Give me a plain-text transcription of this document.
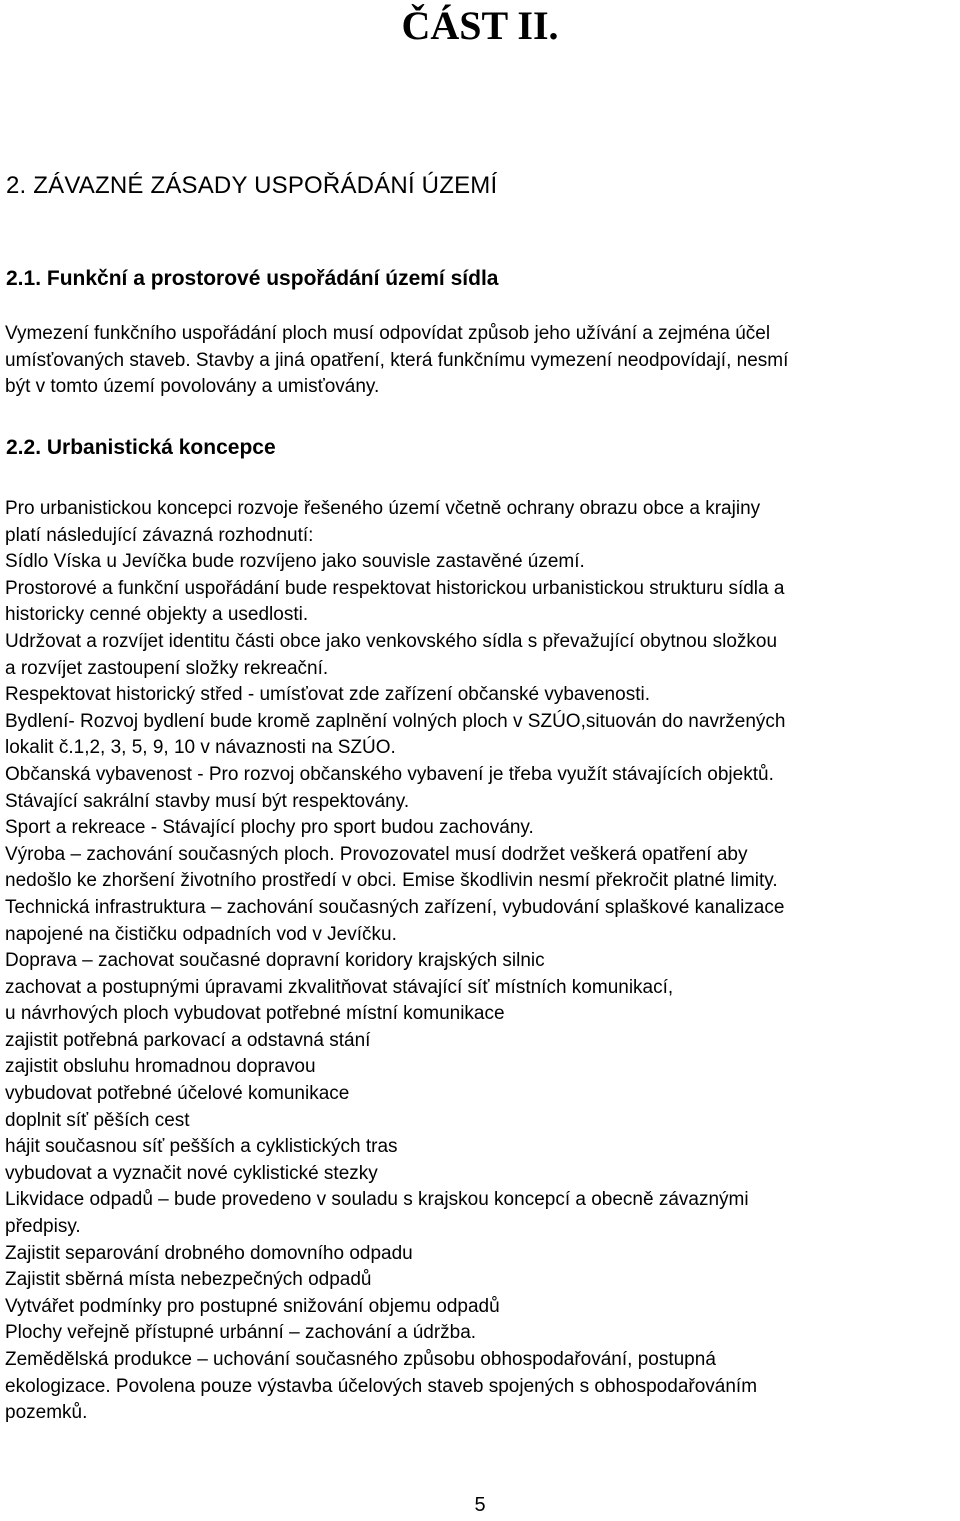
ČÁST II.
2. ZÁVAZNÉ ZÁSADY USPOŘÁDÁNÍ ÚZEMÍ
2.1. Funkční a prostorové uspořádání území sídla

Vymezení funkčního uspořádání ploch musí odpovídat způsob jeho užívání a zejména účel

umísťovaných staveb. Stavby a jiná opatření, která funkčnímu vymezení neodpovídají, nesmí

být v tomto území povolovány a umisťovány.

2.2. Urbanistická koncepce

Pro urbanistickou koncepci rozvoje řešeného území včetně ochrany obrazu obce a krajiny

platí následující závazná rozhodnutí:

Sídlo Víska u Jevíčka bude rozvíjeno jako souvisle zastavěné území.

Prostorové a funkční uspořádání bude respektovat historickou urbanistickou strukturu sídla a

historicky cenné objekty a usedlosti.

Udržovat a rozvíjet identitu části obce jako venkovského sídla s převažující obytnou složkou

a rozvíjet zastoupení složky rekreační.

Respektovat historický střed - umísťovat zde zařízení občanské vybavenosti.

Bydlení- Rozvoj bydlení bude kromě zaplnění volných ploch v SZÚO,situován do navržených

lokalit č.1,2, 3, 5, 9, 10 v návaznosti na SZÚO.

Občanská vybavenost - Pro rozvoj občanského vybavení je třeba využít stávajících objektů.

Stávající sakrální stavby musí být respektovány.

Sport a rekreace - Stávající plochy pro sport budou zachovány.

Výroba – zachování současných ploch. Provozovatel musí dodržet veškerá opatření aby

nedošlo ke zhoršení životního prostředí v obci. Emise škodlivin nesmí překročit platné limity.

Technická infrastruktura – zachování současných zařízení, vybudování splaškové kanalizace

napojené na čističku odpadních vod v Jevíčku.

Doprava – zachovat současné dopravní koridory krajských silnic

zachovat a postupnými úpravami zkvalitňovat stávající síť místních komunikací,

u návrhových ploch vybudovat potřebné místní komunikace

zajistit potřebná parkovací a odstavná stání

zajistit obsluhu hromadnou dopravou

vybudovat potřebné účelové komunikace

doplnit síť pěších cest

hájit současnou síť pešších a cyklistických tras

vybudovat a vyznačit nové cyklistické stezky

Likvidace odpadů – bude provedeno v souladu s krajskou koncepcí a obecně závaznými

předpisy.

Zajistit separování drobného domovního odpadu

Zajistit sběrná místa nebezpečných odpadů

Vytvářet podmínky pro postupné snižování objemu odpadů

Plochy veřejně přístupné urbánní – zachování a údržba.

Zemědělská produkce – uchování současného způsobu obhospodařování, postupná

ekologizace. Povolena pouze výstavba účelových staveb spojených s obhospodařováním

pozemků.

5
